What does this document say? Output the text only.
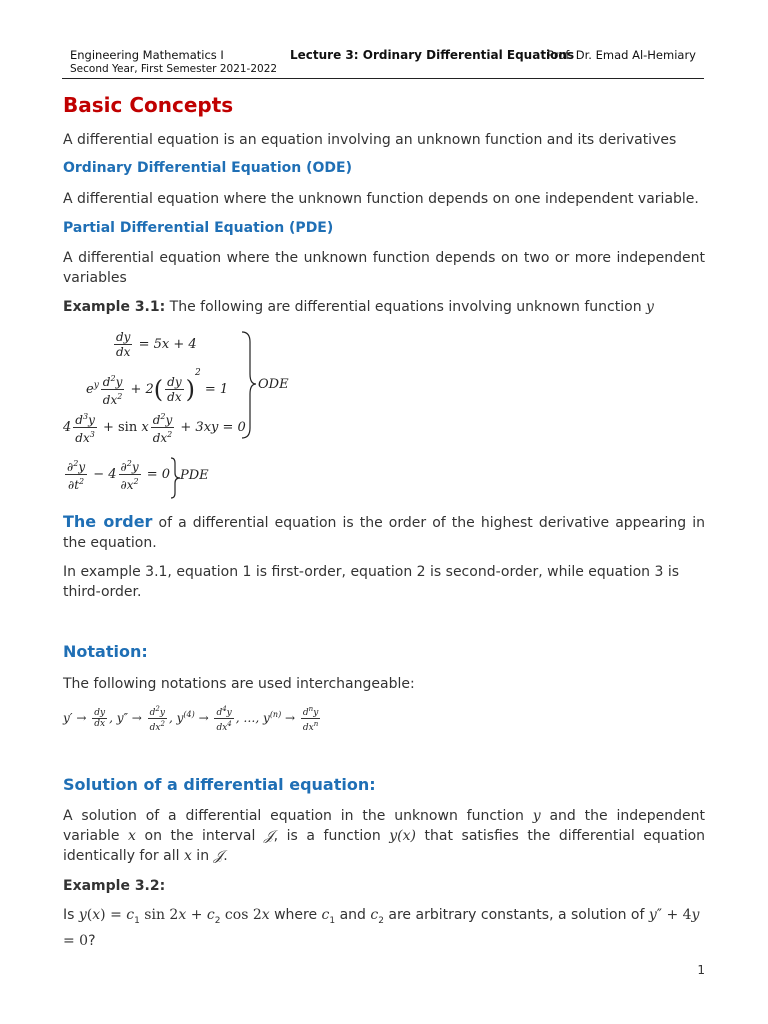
Engineering Mathematics I
Second Year, First Semester 2021-2022
Lecture 3: Ordinary Differential Equations
Prof. Dr. Emad Al-Hemiary
Basic Concepts
A differential equation is an equation involving an unknown function and its derivatives
Ordinary Differential Equation (ODE)
A differential equation where the unknown function depends on one independent variable.
Partial Differential Equation (PDE)
A differential equation where the unknown function depends on two or more independent variables
Example 3.1: The following are differential equations involving unknown function y
$\frac{dy}{dx} = 5x + 4$
$e^y \frac{d^2y}{dx^2} + 2( \frac{dy}{dx} )^2 = 1$
$4 \frac{d^3y}{dx^3} + \sin x \frac{d^2y}{dx^2} + 3xy = 0$
ODE
$\frac{\partial^2y}{\partial t^2} - 4 \frac{\partial^2y}{\partial x^2} = 0$ PDE
The order of a differential equation is the order of the highest derivative appearing in the equation.
In example 3.1, equation 1 is first-order, equation 2 is second-order, while equation 3 is third-order.
Notation:
The following notations are used interchangeable:
$y' \to \frac{dy}{dx}$ , $y'' \to \frac{d^2y}{dx^2}$ , $y^{(4)} \to \frac{d^4y}{dx^4}$ , …, $y^{(n)} \to d^ny$
$dx^n$
Solution of a differential equation:
A solution of a differential equation in the unknown function y and the independent variable x on the interval 𝒥, is a function y(x) that satisfies the differential equation identically for all x in 𝒥.
Example 3.2:
Is $y(x) = c_1$ $\sin 2x + c_2$ cos 2x where $c_1$ and $c_2$ are arbitrary constants, a solution of y″ + 4y = 0?
1
